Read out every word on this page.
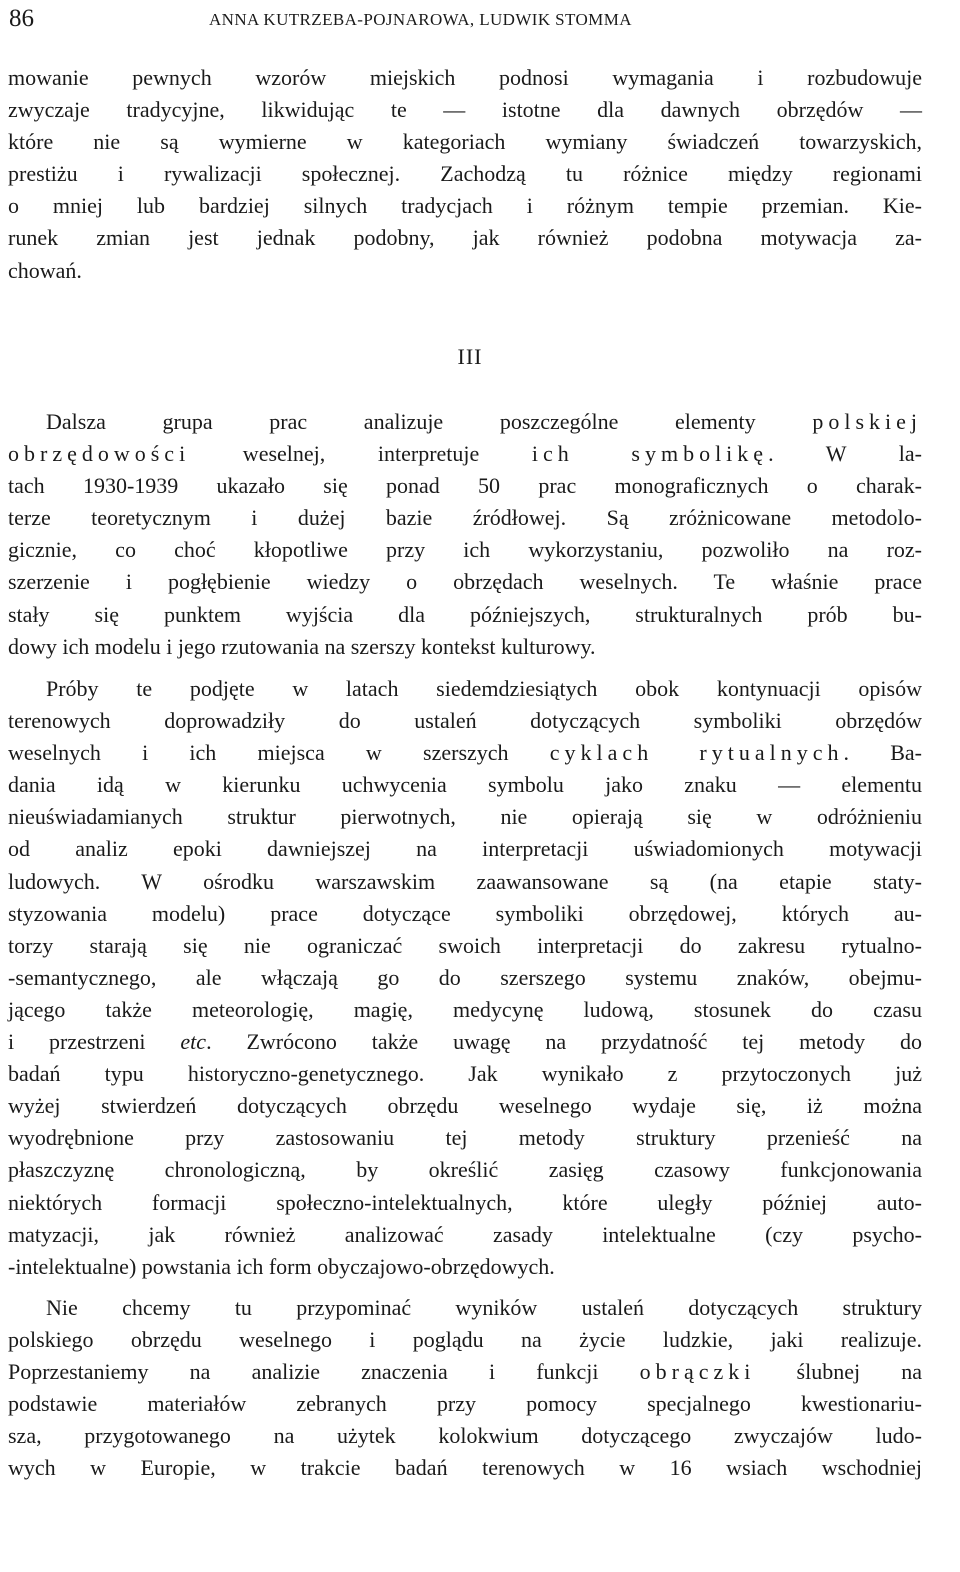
86	ANNA KUTRZEBA-POJNAROWA, LUDWIK STOMMA
mowanie pewnych wzorów miejskich podnosi wymagania i rozbudowuje
zwyczaje tradycyjne, likwidując te — istotne dla dawnych obrzędów —
które nie są wymierne w kategoriach wymiany świadczeń towarzyskich,
prestiżu i rywalizacji społecznej. Zachodzą tu różnice między regionami
o mniej lub bardziej silnych tradycjach i różnym tempie przemian. Kie-
runek zmian jest jednak podobny, jak również podobna motywacja za-
chowań.
III
Dalsza grupa prac analizuje poszczególne elementy polskiej
obrzędowości weselnej, interpretuje ich symbolikę. W la-
tach 1930-1939 ukazało się ponad 50 prac monograficznych o charak-
terze teoretycznym i dużej bazie źródłowej. Są zróżnicowane metodolo-
gicznie, co choć kłopotliwe przy ich wykorzystaniu, pozwoliło na roz-
szerzenie i pogłębienie wiedzy o obrzędach weselnych. Te właśnie prace
stały się punktem wyjścia dla późniejszych, strukturalnych prób bu-
dowy ich modelu i jego rzutowania na szerszy kontekst kulturowy.
Próby te podjęte w latach siedemdziesiątych obok kontynuacji opisów
terenowych doprowadziły do ustaleń dotyczących symboliki obrzędów
weselnych i ich miejsca w szerszych cyklach rytualnych. Ba-
dania idą w kierunku uchwycenia symbolu jako znaku — elementu
nieuświadamianych struktur pierwotnych, nie opierają się w odróżnieniu
od analiz epoki dawniejszej na interpretacji uświadomionych motywacji
ludowych. W ośrodku warszawskim zaawansowane są (na etapie staty-
styzowania modelu) prace dotyczące symboliki obrzędowej, których au-
torzy starają się nie ograniczać swoich interpretacji do zakresu rytualno-
-semantycznego, ale włączają go do szerszego systemu znaków, obejmu-
jącego także meteorologię, magię, medycynę ludową, stosunek do czasu
i przestrzeni etc. Zwrócono także uwagę na przydatność tej metody do
badań typu historyczno-genetycznego. Jak wynikało z przytoczonych już
wyżej stwierdzeń dotyczących obrzędu weselnego wydaje się, iż można
wyodrębnione przy zastosowaniu tej metody struktury przenieść na
płaszczyznę chronologiczną, by określić zasięg czasowy funkcjonowania
niektórych formacji społeczno-intelektualnych, które uległy później auto-
matyzacji, jak również analizować zasady intelektualne (czy psycho-
-intelektualne) powstania ich form obyczajowo-obrzędowych.
Nie chcemy tu przypominać wyników ustaleń dotyczących struktury
polskiego obrzędu weselnego i poglądu na życie ludzkie, jaki realizuje.
Poprzestaniemy na analizie znaczenia i funkcji obrączki ślubnej na
podstawie materiałów zebranych przy pomocy specjalnego kwestionariu-
sza, przygotowanego na użytek kolokwium dotyczącego zwyczajów ludo-
wych w Europie, w trakcie badań terenowych w 16 wsiach wschodniej
